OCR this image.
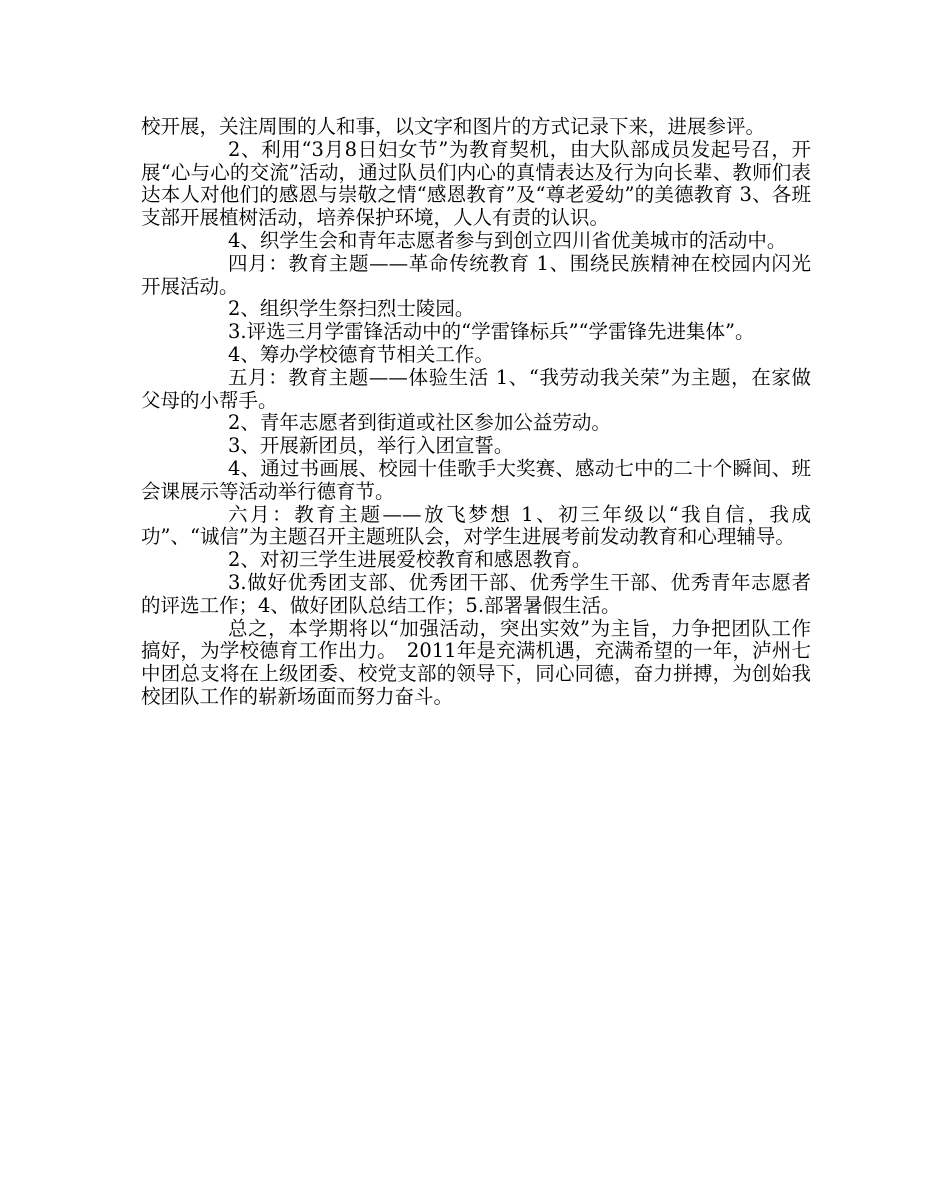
校开展，关注周围的人和事，以文字和图片的方式记录下来，进展参评。

2、利用“3月8日妇女节”为教育契机，由大队部成员发起号召，开展“心与心的交流”活动，通过队员们内心的真情表达及行为向长辈、教师们表达本人对他们的感恩与崇敬之情“感恩教育”及“尊老爱幼”的美德教育 3、各班支部开展植树活动，培养保护环境，人人有责的认识。

4、织学生会和青年志愿者参与到创立四川省优美城市的活动中。

四月：教育主题——革命传统教育 1、围绕民族精神在校园内闪光开展活动。

2、组织学生祭扫烈士陵园。

3.评选三月学雷锋活动中的“学雷锋标兵”“学雷锋先进集体”。

4、筹办学校德育节相关工作。

五月：教育主题——体验生活 1、“我劳动我关荣”为主题，在家做父母的小帮手。

2、青年志愿者到街道或社区参加公益劳动。

3、开展新团员，举行入团宣誓。

4、通过书画展、校园十佳歌手大奖赛、感动七中的二十个瞬间、班会课展示等活动举行德育节。

六月：教育主题——放飞梦想 1、初三年级以“我自信，我成功”、“诚信”为主题召开主题班队会，对学生进展考前发动教育和心理辅导。

2、对初三学生进展爱校教育和感恩教育。

3.做好优秀团支部、优秀团干部、优秀学生干部、优秀青年志愿者的评选工作；4、做好团队总结工作；5.部署暑假生活。

总之，本学期将以“加强活动，突出实效”为主旨，力争把团队工作搞好，为学校德育工作出力。　2011年是充满机遇，充满希望的一年，泸州七中团总支将在上级团委、校党支部的领导下，同心同德，奋力拼搏，为创始我校团队工作的崭新场面而努力奋斗。
